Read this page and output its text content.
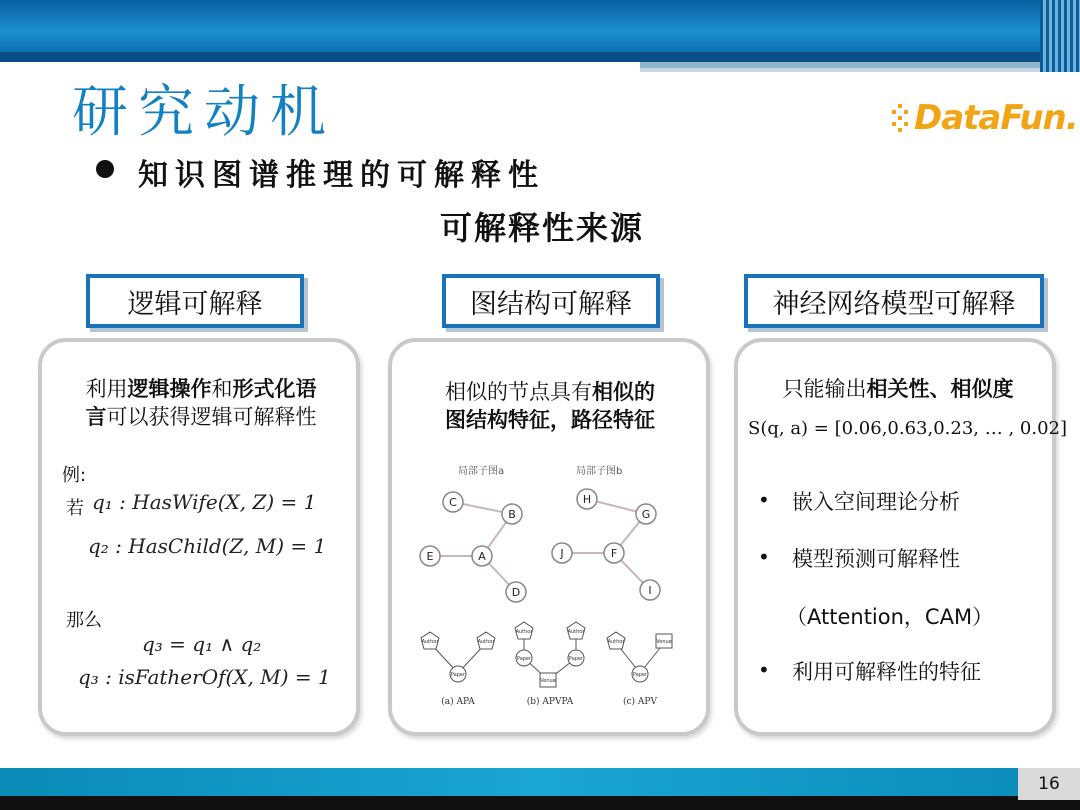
研究动机	DataFun.
知识图谱推理的可解释性
可解释性来源
逻辑可解释	图结构可解释	神经网络模型可解释
利用逻辑操作和形式化语
言可以获得逻辑可解释性
例:
若 q₁ : HasWife(X, Z) = 1
q₂ : HasChild(Z, M) = 1
那么
q₃ = q₁ ∧ q₂
q₃ : isFatherOf(X, M) = 1
相似的节点具有相似的
图结构特征，路径特征
局部子图a	局部子图b
C
B
E	A
D
H
G
J	F
I
Author	Author
Paper
Author	Author
Paper	Paper
Venue
Author	Venue
Paper
(a) APA	(b) APVPA	(c) APV
只能输出相关性、相似度
S(q, a) = [0.06,0.63,0.23, … , 0.02]
• 嵌入空间理论分析
• 模型预测可解释性
（Attention，CAM）
• 利用可解释性的特征
16
